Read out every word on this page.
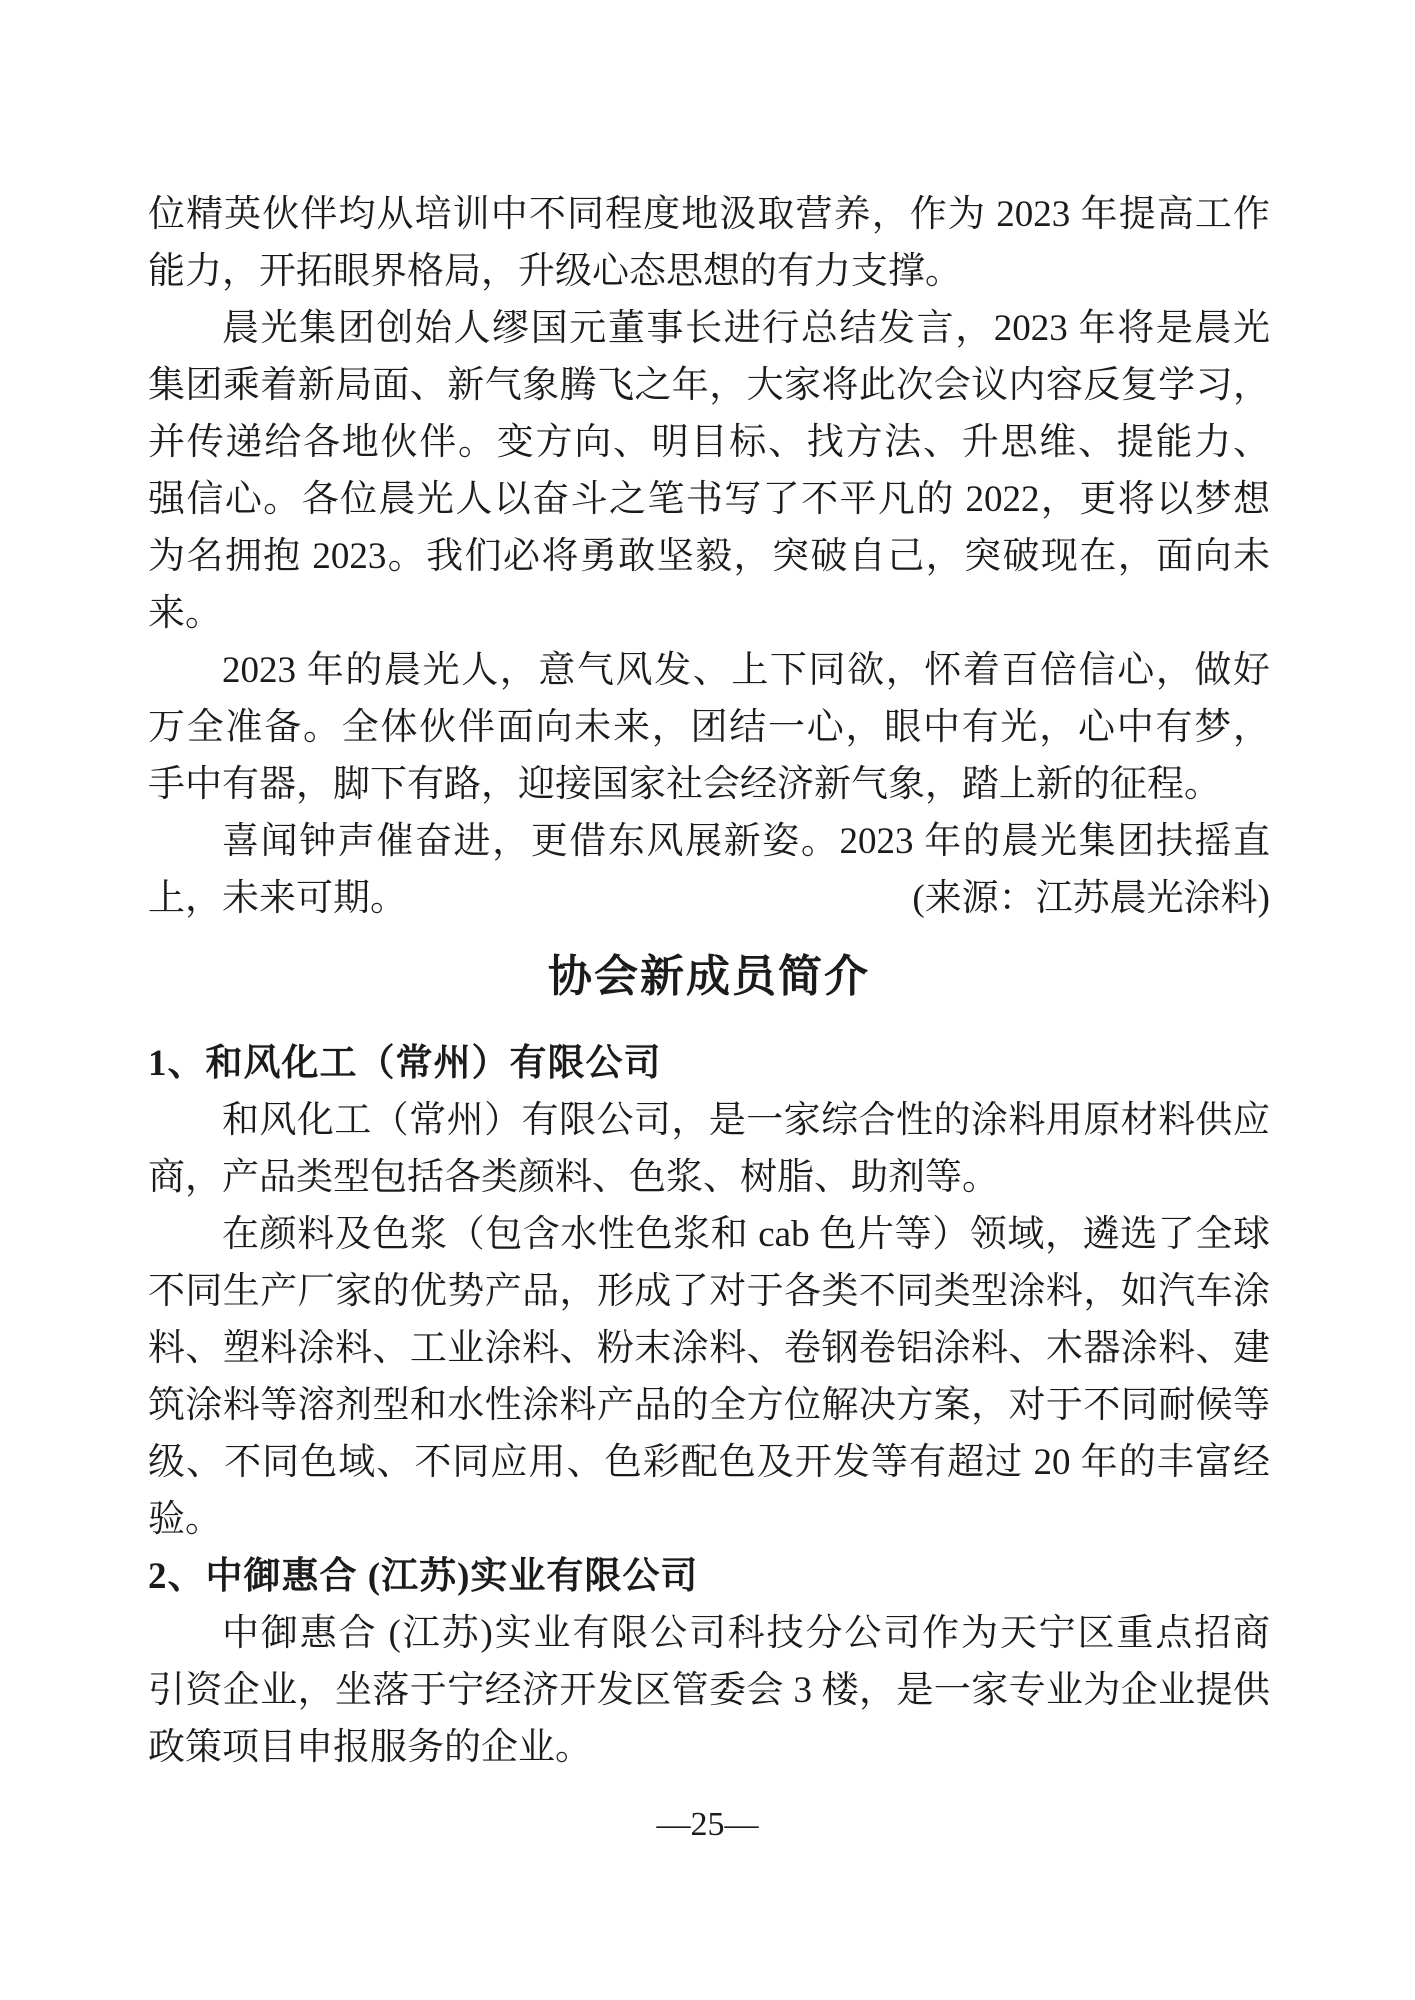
位精英伙伴均从培训中不同程度地汲取营养，作为 2023 年提高工作
能力，开拓眼界格局，升级心态思想的有力支撑。
晨光集团创始人缪国元董事长进行总结发言，2023 年将是晨光
集团乘着新局面、新气象腾飞之年，大家将此次会议内容反复学习，
并传递给各地伙伴。变方向、明目标、找方法、升思维、提能力、
强信心。各位晨光人以奋斗之笔书写了不平凡的 2022，更将以梦想
为名拥抱 2023。我们必将勇敢坚毅，突破自己，突破现在，面向未
来。
2023 年的晨光人，意气风发、上下同欲，怀着百倍信心，做好
万全准备。全体伙伴面向未来，团结一心，眼中有光，心中有梦，
手中有器，脚下有路，迎接国家社会经济新气象，踏上新的征程。
喜闻钟声催奋进，更借东风展新姿。2023 年的晨光集团扶摇直
上，未来可期。	(来源：江苏晨光涂料)
协会新成员简介
1、和风化工（常州）有限公司
和风化工（常州）有限公司，是一家综合性的涂料用原材料供应
商，产品类型包括各类颜料、色浆、树脂、助剂等。
在颜料及色浆（包含水性色浆和 cab 色片等）领域，遴选了全球
不同生产厂家的优势产品，形成了对于各类不同类型涂料，如汽车涂
料、塑料涂料、工业涂料、粉末涂料、卷钢卷铝涂料、木器涂料、建
筑涂料等溶剂型和水性涂料产品的全方位解决方案，对于不同耐候等
级、不同色域、不同应用、色彩配色及开发等有超过 20 年的丰富经
验。
2、中御惠合 (江苏)实业有限公司
中御惠合 (江苏)实业有限公司科技分公司作为天宁区重点招商
引资企业，坐落于宁经济开发区管委会 3 楼，是一家专业为企业提供
政策项目申报服务的企业。
—25—
